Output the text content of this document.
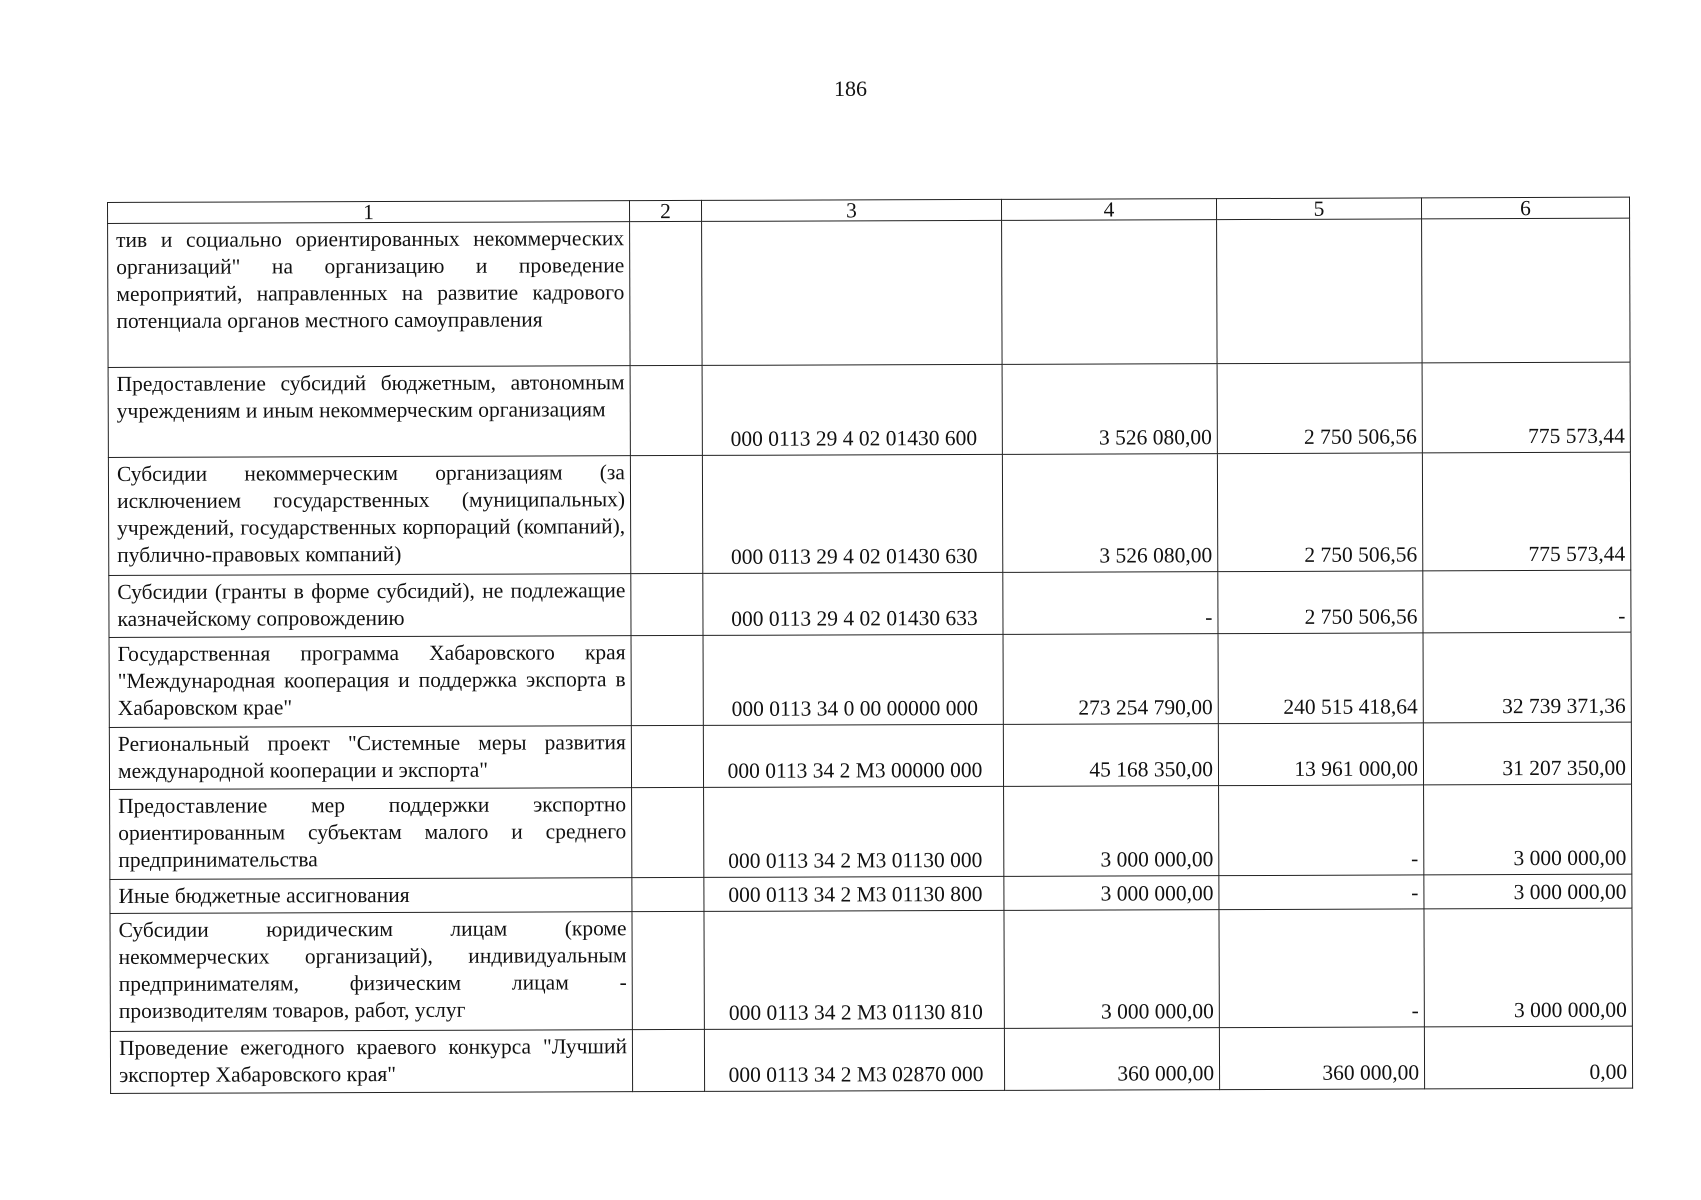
186
1	2	3	4	5	6
тив и социально ориентированных некоммерческих организаций" на организацию и проведение мероприятий, направленных на развитие кадрового потенциала органов местного самоуправления					
Предоставление субсидий бюджетным, автономным учреждениям и иным некоммерческим организациям		000 0113 29 4 02 01430 600	3 526 080,00	2 750 506,56	775 573,44
Субсидии некоммерческим организациям (за исключением государственных (муниципальных) учреждений, государственных корпораций (компаний), публично-правовых компаний)		000 0113 29 4 02 01430 630	3 526 080,00	2 750 506,56	775 573,44
Субсидии (гранты в форме субсидий), не подлежащие казначейскому сопровождению		000 0113 29 4 02 01430 633	-	2 750 506,56	-
Государственная программа Хабаровского края "Международная кооперация и поддержка экспорта в Хабаровском крае"		000 0113 34 0 00 00000 000	273 254 790,00	240 515 418,64	32 739 371,36
Региональный проект "Системные меры развития международной кооперации и экспорта"		000 0113 34 2 M3 00000 000	45 168 350,00	13 961 000,00	31 207 350,00
Предоставление мер поддержки экспортно ориентированным субъектам малого и среднего предпринимательства		000 0113 34 2 M3 01130 000	3 000 000,00	-	3 000 000,00
Иные бюджетные ассигнования		000 0113 34 2 M3 01130 800	3 000 000,00	-	3 000 000,00
Субсидии юридическим лицам (кроме некоммерческих организаций), индивидуальным предпринимателям, физическим лицам - производителям товаров, работ, услуг		000 0113 34 2 M3 01130 810	3 000 000,00	-	3 000 000,00
Проведение ежегодного краевого конкурса "Лучший экспортер Хабаровского края"		000 0113 34 2 M3 02870 000	360 000,00	360 000,00	0,00
